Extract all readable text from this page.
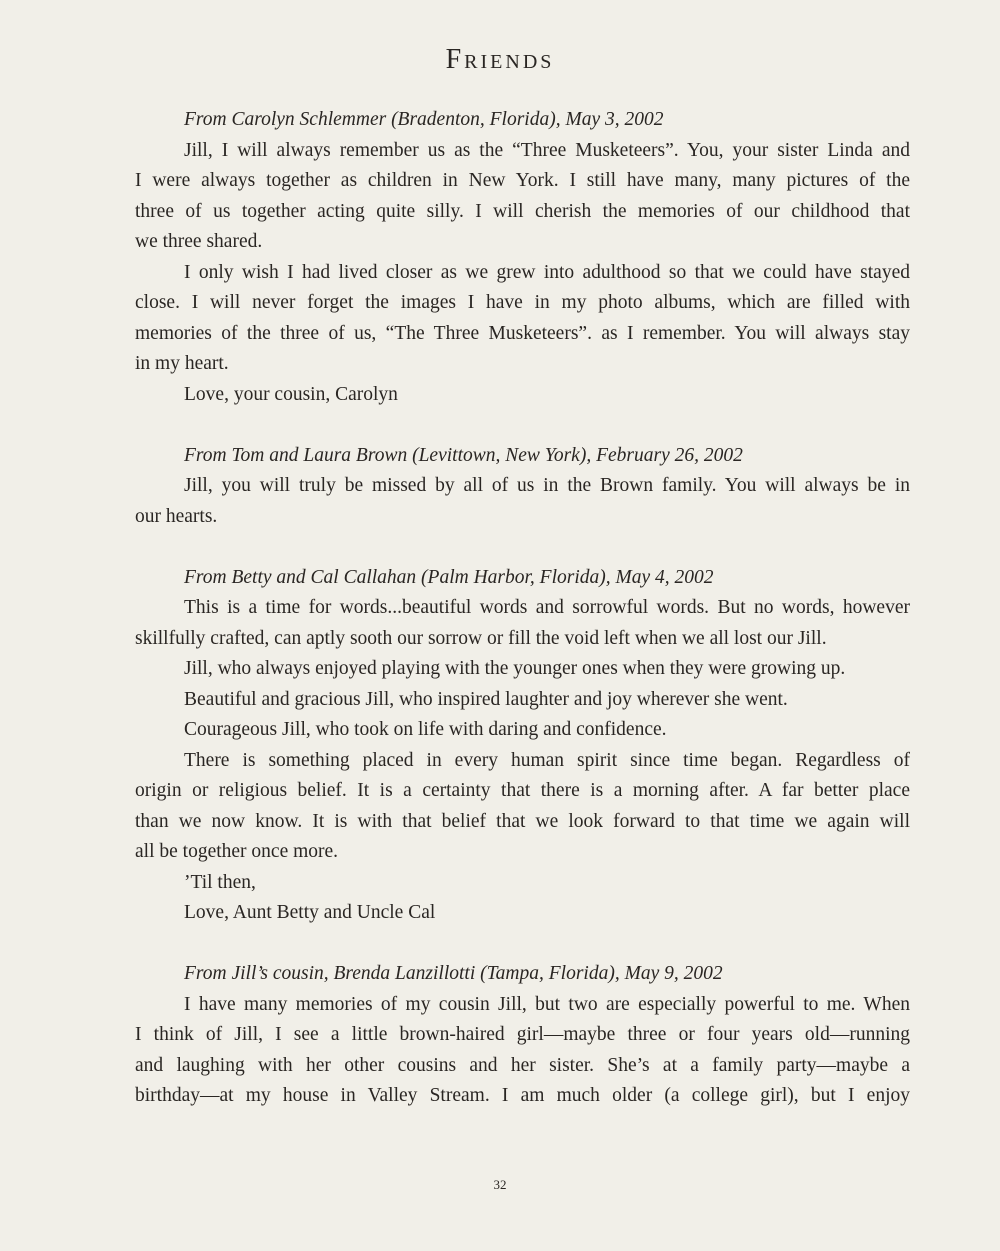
Friends
From Carolyn Schlemmer (Bradenton, Florida), May 3, 2002
Jill, I will always remember us as the “Three Musketeers”. You, your sister Linda and
I were always together as children in New York. I still have many, many pictures of the
three of us together acting quite silly. I will cherish the memories of our childhood that
we three shared.
I only wish I had lived closer as we grew into adulthood so that we could have stayed
close. I will never forget the images I have in my photo albums, which are filled with
memories of the three of us, “The Three Musketeers”. as I remember. You will always stay
in my heart.
Love, your cousin, Carolyn
From Tom and Laura Brown (Levittown, New York), February 26, 2002
Jill, you will truly be missed by all of us in the Brown family. You will always be in
our hearts.
From Betty and Cal Callahan (Palm Harbor, Florida), May 4, 2002
This is a time for words...beautiful words and sorrowful words. But no words, however
skillfully crafted, can aptly sooth our sorrow or fill the void left when we all lost our Jill.
Jill, who always enjoyed playing with the younger ones when they were growing up.
Beautiful and gracious Jill, who inspired laughter and joy wherever she went.
Courageous Jill, who took on life with daring and confidence.
There is something placed in every human spirit since time began. Regardless of
origin or religious belief. It is a certainty that there is a morning after. A far better place
than we now know. It is with that belief that we look forward to that time we again will
all be together once more.
’Til then,
Love, Aunt Betty and Uncle Cal
From Jill’s cousin, Brenda Lanzillotti (Tampa, Florida), May 9, 2002
I have many memories of my cousin Jill, but two are especially powerful to me. When
I think of Jill, I see a little brown-haired girl—maybe three or four years old—running
and laughing with her other cousins and her sister. She’s at a family party—maybe a
birthday—at my house in Valley Stream. I am much older (a college girl), but I enjoy
32
